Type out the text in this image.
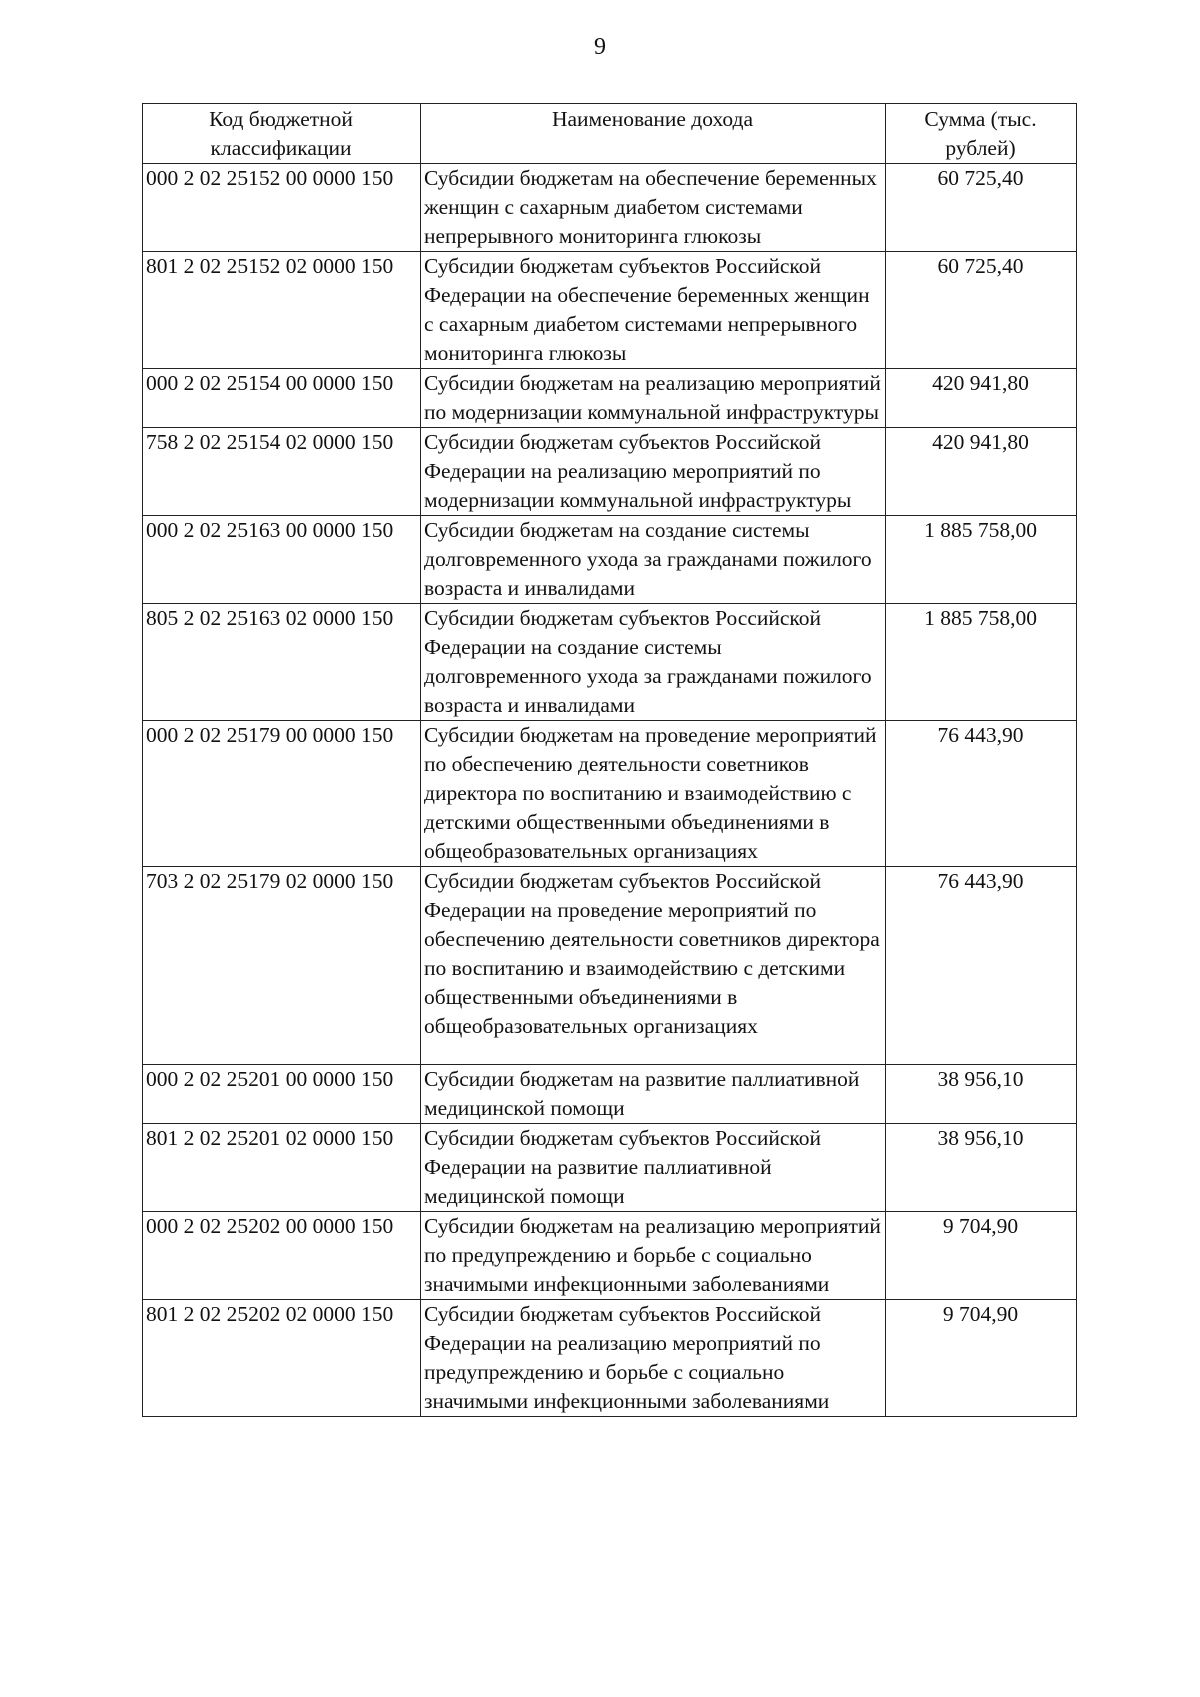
9
Код бюджетной классификации	Наименование дохода	Сумма (тыс. рублей)
000 2 02 25152 00 0000 150	Субсидии бюджетам на обеспечение беременных женщин с сахарным диабетом системами непрерывного мониторинга глюкозы	60 725,40
801 2 02 25152 02 0000 150	Субсидии бюджетам субъектов Российской Федерации на обеспечение беременных женщин с сахарным диабетом системами непрерывного мониторинга глюкозы	60 725,40
000 2 02 25154 00 0000 150	Субсидии бюджетам на реализацию мероприятий по модернизации коммунальной инфраструктуры	420 941,80
758 2 02 25154 02 0000 150	Субсидии бюджетам субъектов Российской Федерации на реализацию мероприятий по модернизации коммунальной инфраструктуры	420 941,80
000 2 02 25163 00 0000 150	Субсидии бюджетам на создание системы долговременного ухода за гражданами пожилого возраста и инвалидами	1 885 758,00
805 2 02 25163 02 0000 150	Субсидии бюджетам субъектов Российской Федерации на создание системы долговременного ухода за гражданами пожилого возраста и инвалидами	1 885 758,00
000 2 02 25179 00 0000 150	Субсидии бюджетам на проведение мероприятий по обеспечению деятельности советников директора по воспитанию и взаимодействию с детскими общественными объединениями в общеобразовательных организациях	76 443,90
703 2 02 25179 02 0000 150	Субсидии бюджетам субъектов Российской Федерации на проведение мероприятий по обеспечению деятельности советников директора по воспитанию и взаимодействию с детскими общественными объединениями в общеобразовательных организациях	76 443,90
000 2 02 25201 00 0000 150	Субсидии бюджетам на развитие паллиативной медицинской помощи	38 956,10
801 2 02 25201 02 0000 150	Субсидии бюджетам субъектов Российской Федерации на развитие паллиативной медицинской помощи	38 956,10
000 2 02 25202 00 0000 150	Субсидии бюджетам на реализацию мероприятий по предупреждению и борьбе с социально значимыми инфекционными заболеваниями	9 704,90
801 2 02 25202 02 0000 150	Субсидии бюджетам субъектов Российской Федерации на реализацию мероприятий по предупреждению и борьбе с социально значимыми инфекционными заболеваниями	9 704,90
